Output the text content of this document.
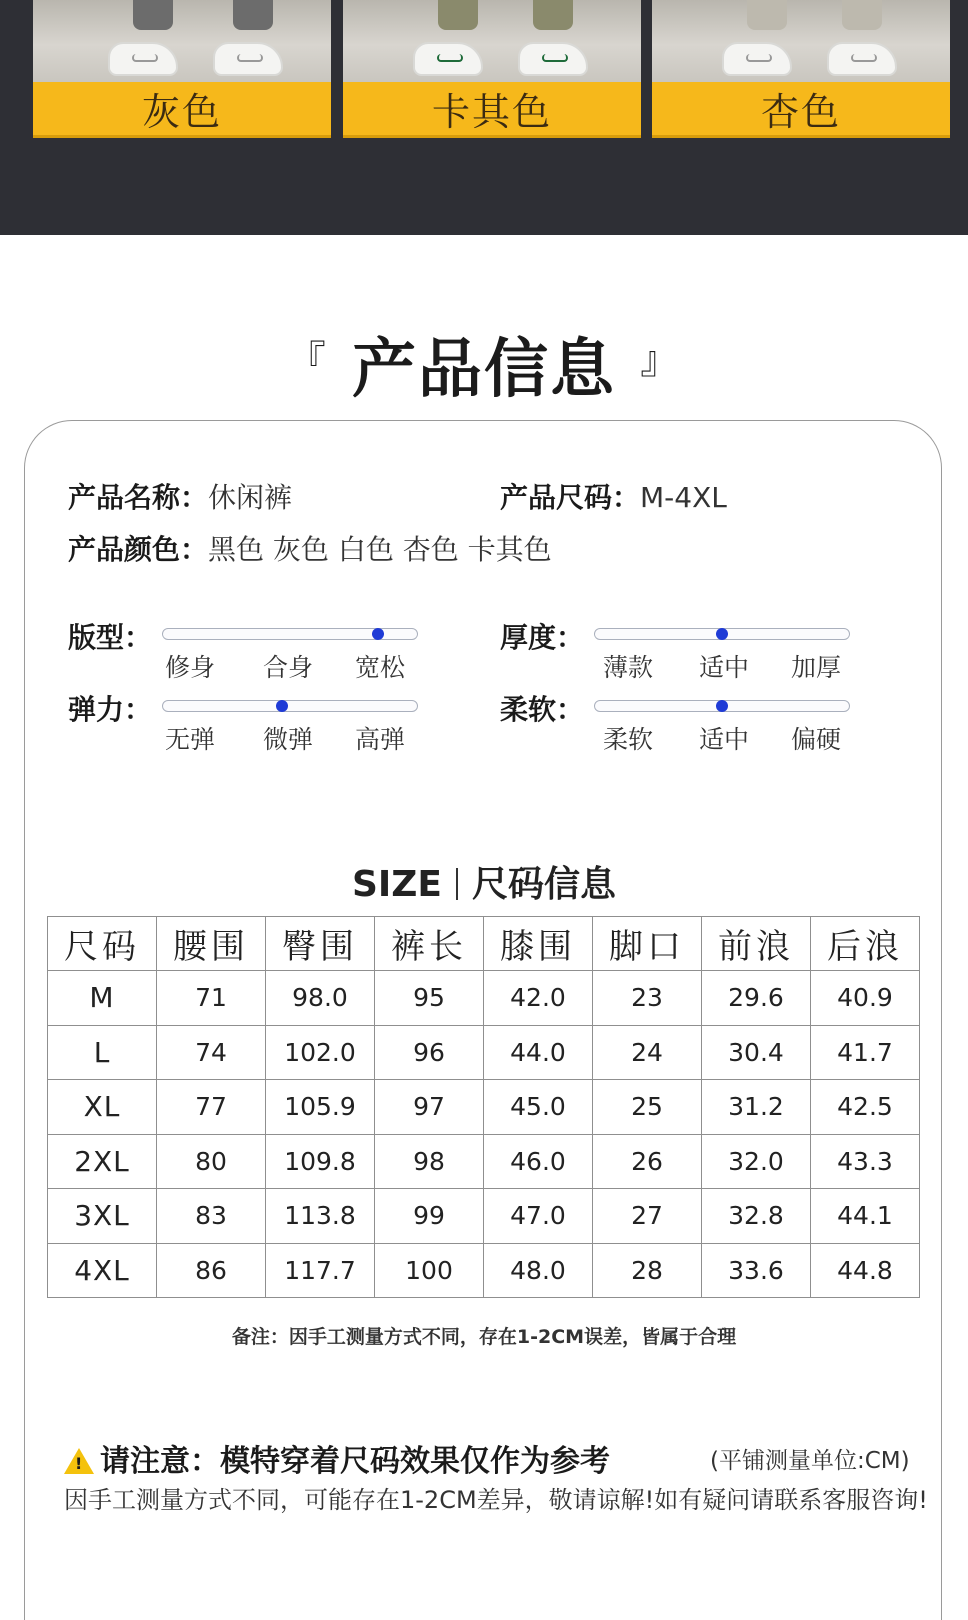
灰色	卡其色	杏色
『 产品信息 』
产品名称：休闲裤	产品尺码：M-4XL
产品颜色：黑色 灰色 白色 杏色 卡其色
版型：
修身 合身 宽松
厚度：
薄款 适中 加厚
弹力：
无弹 微弹 高弹
柔软：
柔软 适中 偏硬
SIZE 尺码信息
尺码	腰围	臀围	裤长	膝围	脚口	前浪	后浪
M	71	98.0	95	42.0	23	29.6	40.9
L	74	102.0	96	44.0	24	30.4	41.7
XL	77	105.9	97	45.0	25	31.2	42.5
2XL	80	109.8	98	46.0	26	32.0	43.3
3XL	83	113.8	99	47.0	27	32.8	44.1
4XL	86	117.7	100	48.0	28	33.6	44.8
备注：因手工测量方式不同，存在1-2CM误差，皆属于合理
!请注意：模特穿着尺码效果仅作为参考	(平铺测量单位:CM)
因手工测量方式不同，可能存在1-2CM差异，敬请谅解!如有疑问请联系客服咨询!
